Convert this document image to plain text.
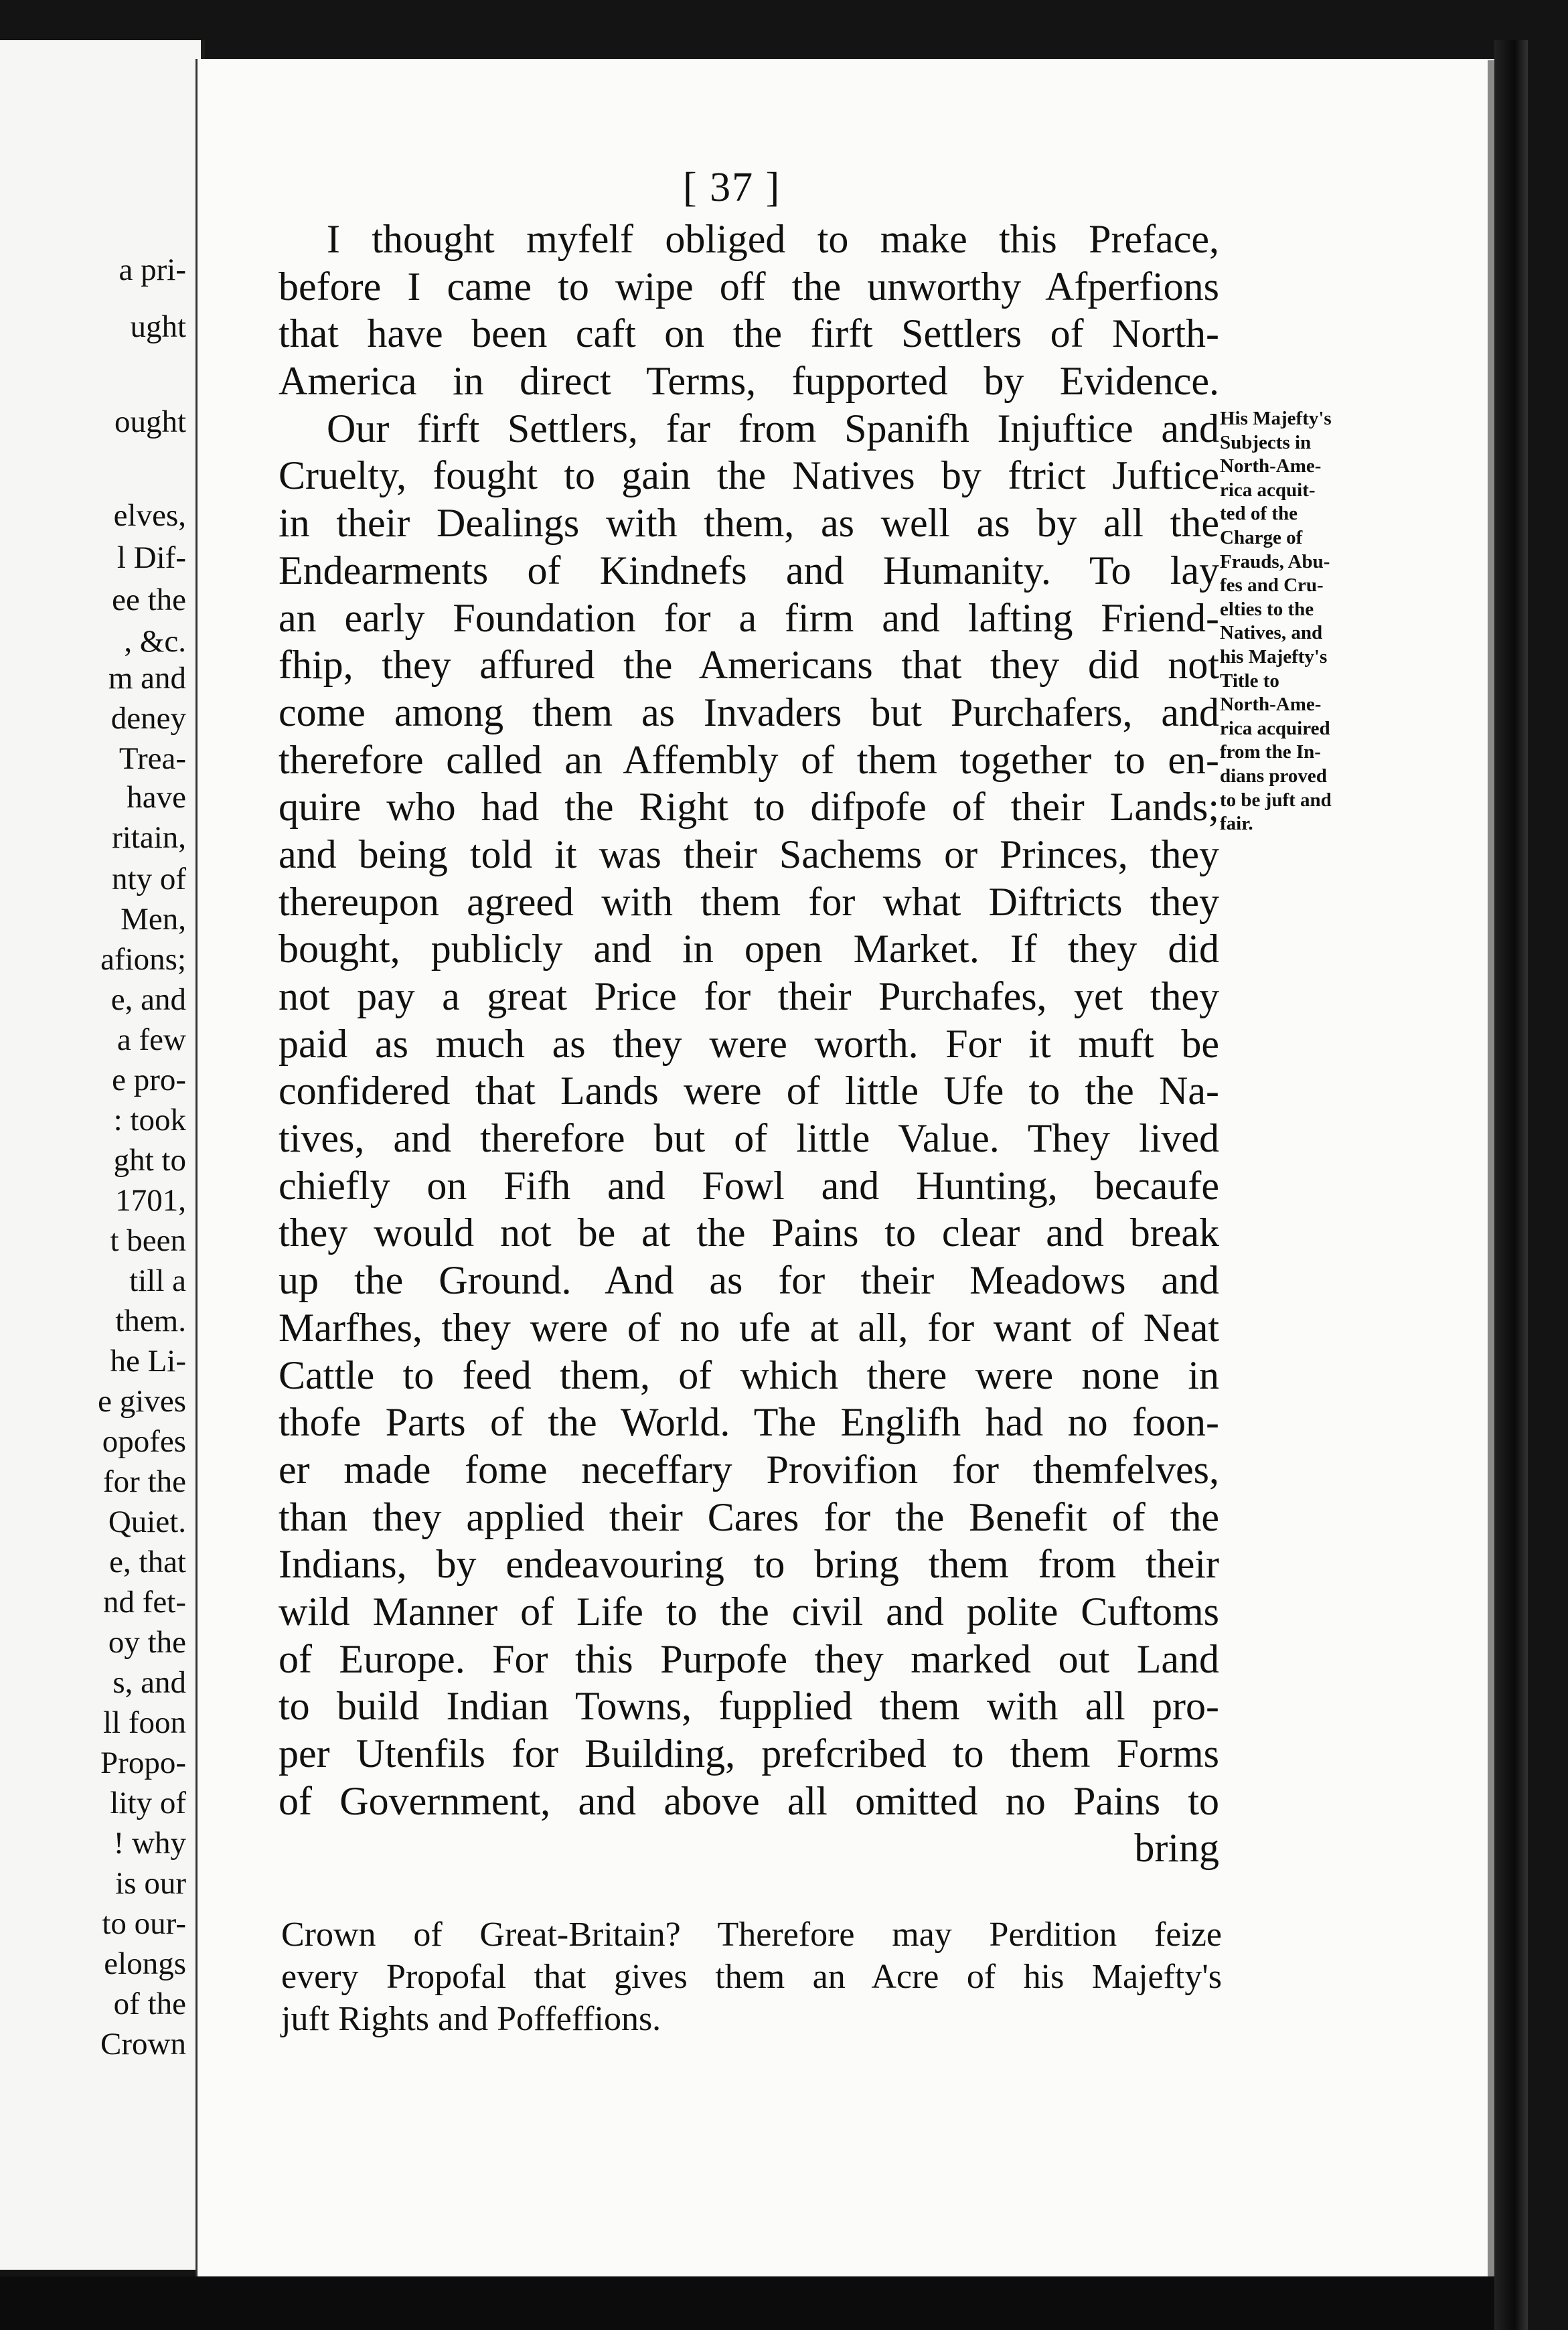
a pri-
ught
ought
elves,
l Dif-
ee the
, &c.
m and
deney
Trea-
have
ritain,
nty of
Men,
afions;
e, and
a few
e pro-
: took
ght to
1701,
t been
till a
them.
he Li-
e gives
opofes
for the
Quiet.
e, that
nd fet-
oy the
s, and
ll foon
Propo-
lity of
! why
is our
to our-
elongs
of the
Crown
[ 37 ]
I thought myfelf obliged to make this Preface,
before I came to wipe off the unworthy Afperfions
that have been caft on the firft Settlers of North-
America in direct Terms, fupported by Evidence.
Our firft Settlers, far from Spanifh Injuftice and
Cruelty, fought to gain the Natives by ftrict Juftice
in their Dealings with them, as well as by all the
Endearments of Kindnefs and Humanity. To lay
an early Foundation for a firm and lafting Friend-
fhip, they affured the Americans that they did not
come among them as Invaders but Purchafers, and
therefore called an Affembly of them together to en-
quire who had the Right to difpofe of their Lands;
and being told it was their Sachems or Princes, they
thereupon agreed with them for what Diftricts they
bought, publicly and in open Market. If they did
not pay a great Price for their Purchafes, yet they
paid as much as they were worth. For it muft be
confidered that Lands were of little Ufe to the Na-
tives, and therefore but of little Value. They lived
chiefly on Fifh and Fowl and Hunting, becaufe
they would not be at the Pains to clear and break
up the Ground. And as for their Meadows and
Marfhes, they were of no ufe at all, for want of Neat
Cattle to feed them, of which there were none in
thofe Parts of the World. The Englifh had no foon-
er made fome neceffary Provifion for themfelves,
than they applied their Cares for the Benefit of the
Indians, by endeavouring to bring them from their
wild Manner of Life to the civil and polite Cuftoms
of Europe. For this Purpofe they marked out Land
to build Indian Towns, fupplied them with all pro-
per Utenfils for Building, prefcribed to them Forms
of Government, and above all omitted no Pains to
bring
His Majefty's
Subjects in
North-Ame-
rica acquit-
ted of the
Charge of
Frauds, Abu-
fes and Cru-
elties to the
Natives, and
his Majefty's
Title to
North-Ame-
rica acquired
from the In-
dians proved
to be juft and
fair.
Crown of Great-Britain? Therefore may Perdition feize
every Propofal that gives them an Acre of his Majefty's
juft Rights and Poffeffions.
